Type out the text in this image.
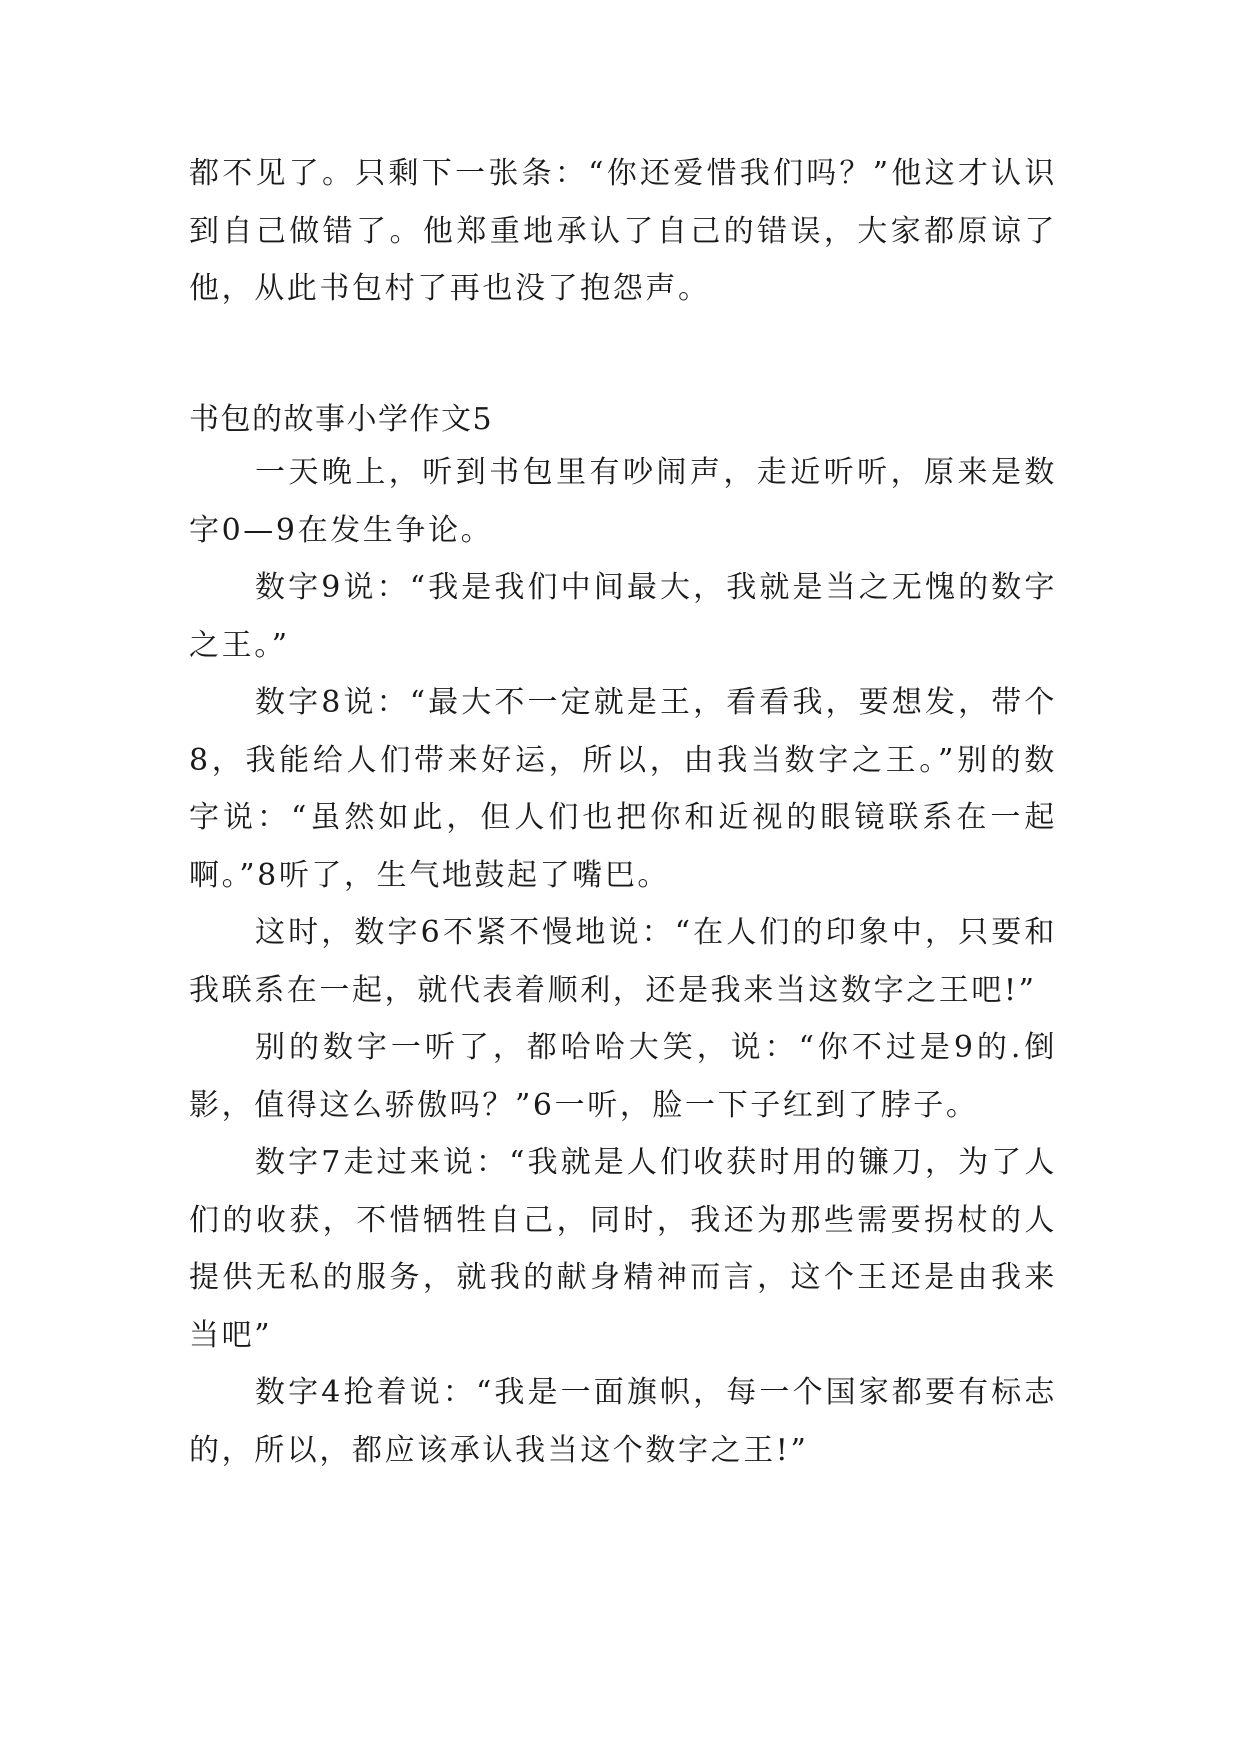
都不见了。只剩下一张条：“你还爱惜我们吗？”他这才认识到自己做错了。他郑重地承认了自己的错误，大家都原谅了他，从此书包村了再也没了抱怨声。

书包的故事小学作文5

一天晚上，听到书包里有吵闹声，走近听听，原来是数字0—9在发生争论。

数字9说：“我是我们中间最大，我就是当之无愧的数字之王。”

数字8说：“最大不一定就是王，看看我，要想发，带个8，我能给人们带来好运，所以，由我当数字之王。”别的数字说：“虽然如此，但人们也把你和近视的眼镜联系在一起啊。”8听了，生气地鼓起了嘴巴。

这时，数字6不紧不慢地说：“在人们的印象中，只要和我联系在一起，就代表着顺利，还是我来当这数字之王吧!”

别的数字一听了，都哈哈大笑，说：“你不过是9的.倒影，值得这么骄傲吗？”6一听，脸一下子红到了脖子。

数字7走过来说：“我就是人们收获时用的镰刀，为了人们的收获，不惜牺牲自己，同时，我还为那些需要拐杖的人提供无私的服务，就我的献身精神而言，这个王还是由我来当吧”

数字4抢着说：“我是一面旗帜，每一个国家都要有标志的，所以，都应该承认我当这个数字之王!”
